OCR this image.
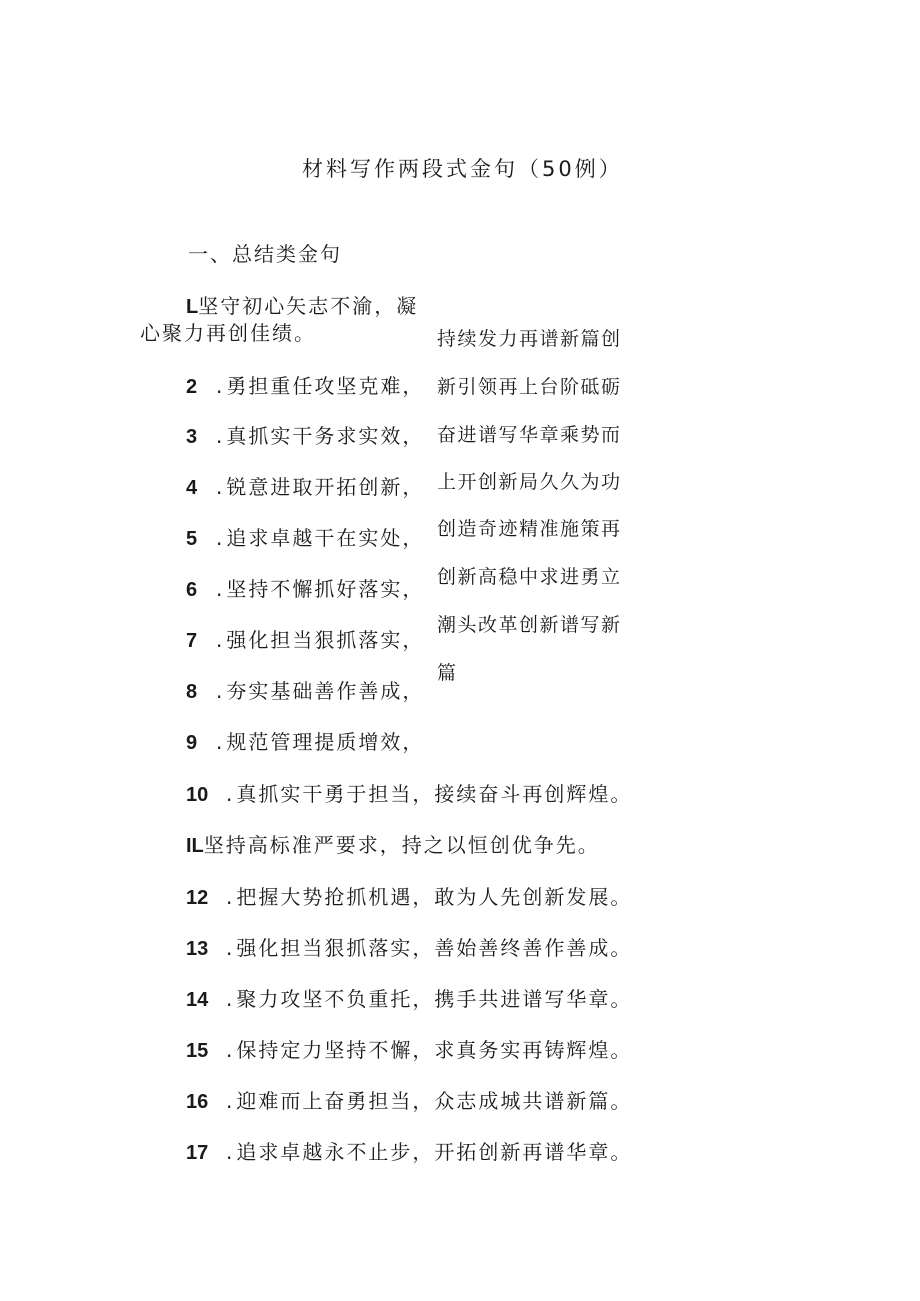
材料写作两段式金句（50例）
一、总结类金句
L坚守初心矢志不渝，凝
心聚力再创佳绩。
2 . 勇担重任攻坚克难，
3 . 真抓实干务求实效，
4 . 锐意进取开拓创新，
5 . 追求卓越干在实处，
6 . 坚持不懈抓好落实，
7 . 强化担当狠抓落实，
8 . 夯实基础善作善成，
9 . 规范管理提质增效，
持续发力再谱新篇创
新引领再上台阶砥砺
奋进谱写华章乘势而
上开创新局久久为功
创造奇迹精准施策再
创新高稳中求进勇立
潮头改革创新谱写新
篇
10 . 真抓实干勇于担当，接续奋斗再创辉煌。
IL坚持高标准严要求，持之以恒创优争先。
12 . 把握大势抢抓机遇，敢为人先创新发展。
13 . 强化担当狠抓落实，善始善终善作善成。
14 . 聚力攻坚不负重托，携手共进谱写华章。
15 . 保持定力坚持不懈，求真务实再铸辉煌。
16 . 迎难而上奋勇担当，众志成城共谱新篇。
17 . 追求卓越永不止步，开拓创新再谱华章。
